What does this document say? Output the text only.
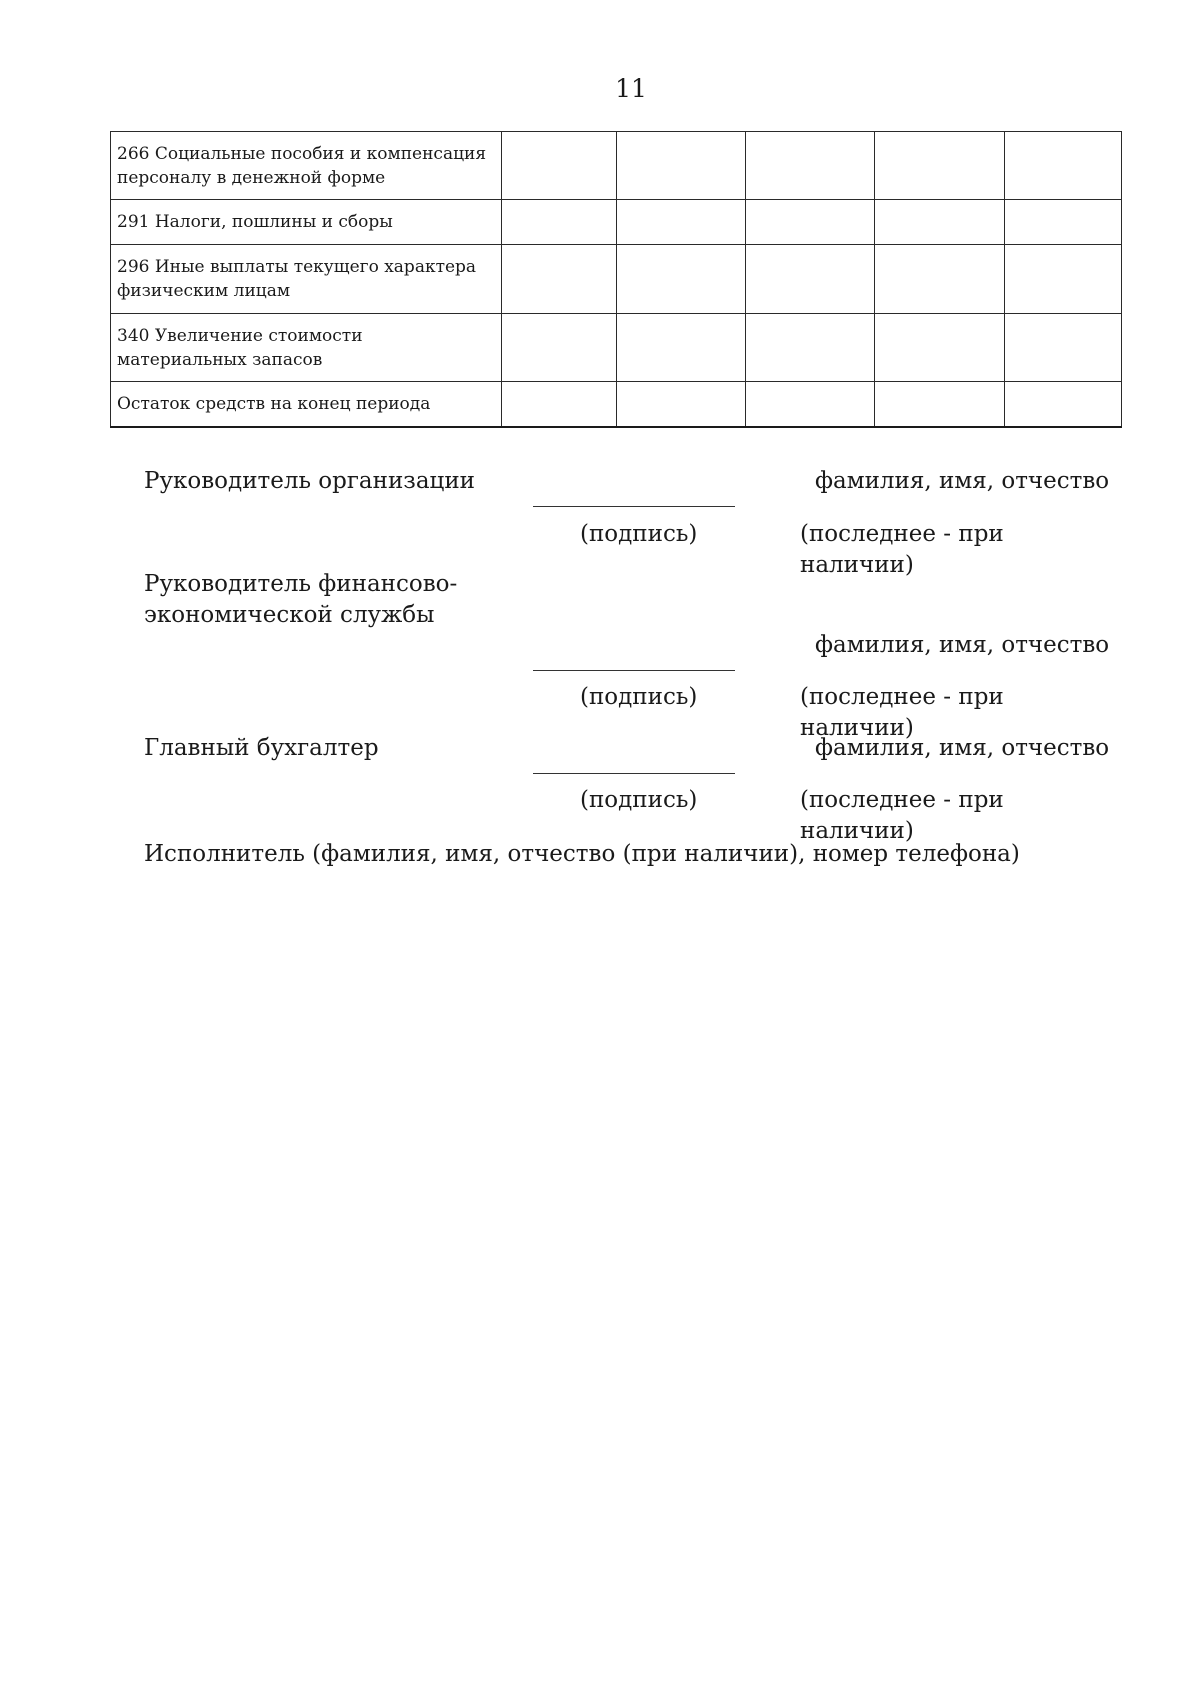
11
266 Социальные пособия и компенсация персоналу в денежной форме					
291 Налоги, пошлины и сборы					
296 Иные выплаты текущего характера физическим лицам					
340 Увеличение стоимости материальных запасов					
Остаток средств на конец периода					
Руководитель организации	фамилия, имя, отчество
(подпись)	(последнее - при наличии)
Руководитель финансово-экономической службы
фамилия, имя, отчество
(подпись)	(последнее - при наличии)
Главный бухгалтер	фамилия, имя, отчество
(подпись)	(последнее - при наличии)
Исполнитель (фамилия, имя, отчество (при наличии), номер телефона)
